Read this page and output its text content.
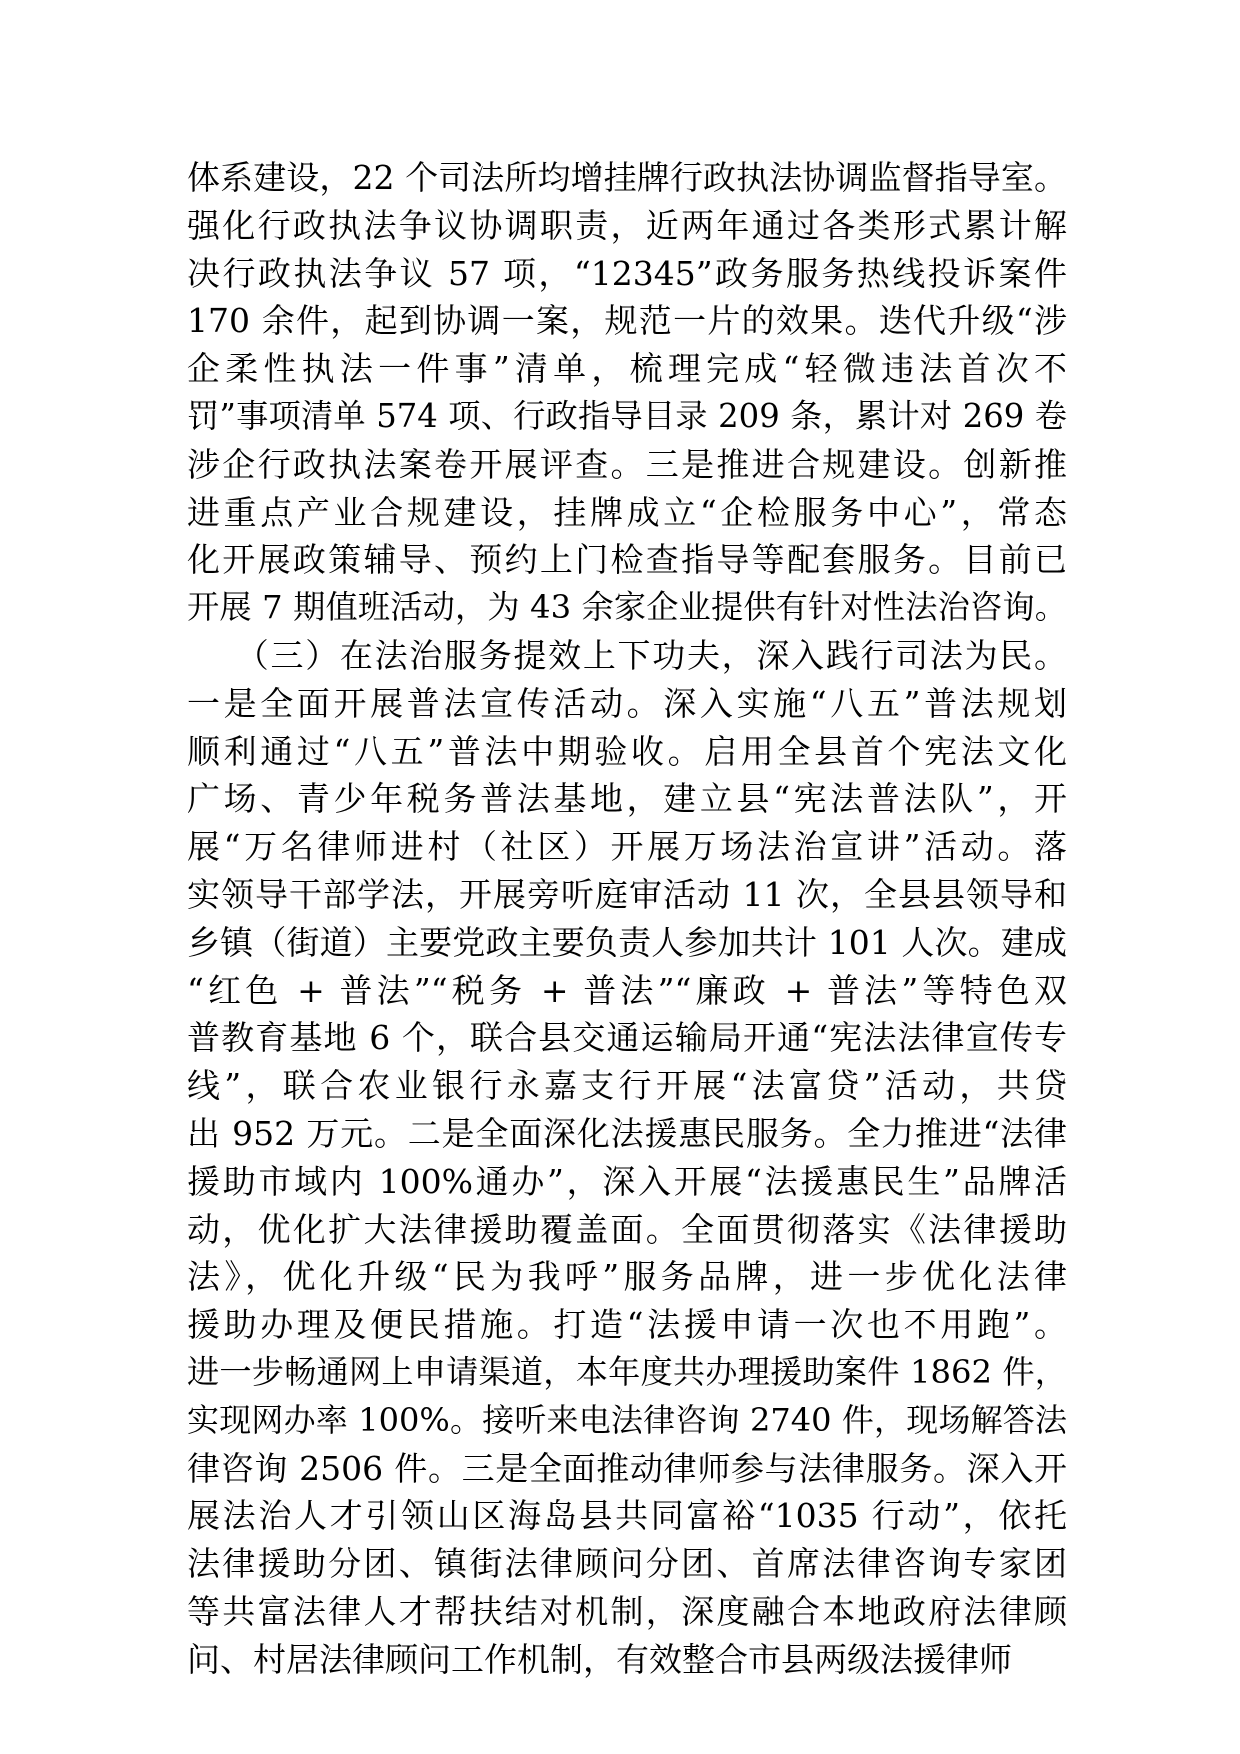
体系建设，22 个司法所均增挂牌行政执法协调监督指导室。
强化行政执法争议协调职责，近两年通过各类形式累计解
决行政执法争议 57 项，“12345”政务服务热线投诉案件
170 余件，起到协调一案，规范一片的效果。迭代升级“涉
企柔性执法一件事”清单，梳理完成“轻微违法首次不
罚”事项清单 574 项、行政指导目录 209 条，累计对 269 卷
涉企行政执法案卷开展评查。三是推进合规建设。创新推
进重点产业合规建设，挂牌成立“企检服务中心”，常态
化开展政策辅导、预约上门检查指导等配套服务。目前已
开展 7 期值班活动，为 43 余家企业提供有针对性法治咨询。
（三）在法治服务提效上下功夫，深入践行司法为民。
一是全面开展普法宣传活动。深入实施“八五”普法规划
顺利通过“八五”普法中期验收。启用全县首个宪法文化
广场、青少年税务普法基地，建立县“宪法普法队”，开
展“万名律师进村（社区）开展万场法治宣讲”活动。落
实领导干部学法，开展旁听庭审活动 11 次，全县县领导和
乡镇（街道）主要党政主要负责人参加共计 101 人次。建成
“红色 + 普法”“税务 + 普法”“廉政 + 普法”等特色双
普教育基地 6 个，联合县交通运输局开通“宪法法律宣传专
线”，联合农业银行永嘉支行开展“法富贷”活动，共贷
出 952 万元。二是全面深化法援惠民服务。全力推进“法律
援助市域内 100%通办”，深入开展“法援惠民生”品牌活
动，优化扩大法律援助覆盖面。全面贯彻落实《法律援助
法》，优化升级“民为我呼”服务品牌，进一步优化法律
援助办理及便民措施。打造“法援申请一次也不用跑”。
进一步畅通网上申请渠道，本年度共办理援助案件 1862 件，
实现网办率 100%。接听来电法律咨询 2740 件，现场解答法
律咨询 2506 件。三是全面推动律师参与法律服务。深入开
展法治人才引领山区海岛县共同富裕“1035 行动”，依托
法律援助分团、镇街法律顾问分团、首席法律咨询专家团
等共富法律人才帮扶结对机制，深度融合本地政府法律顾
问、村居法律顾问工作机制，有效整合市县两级法援律师
